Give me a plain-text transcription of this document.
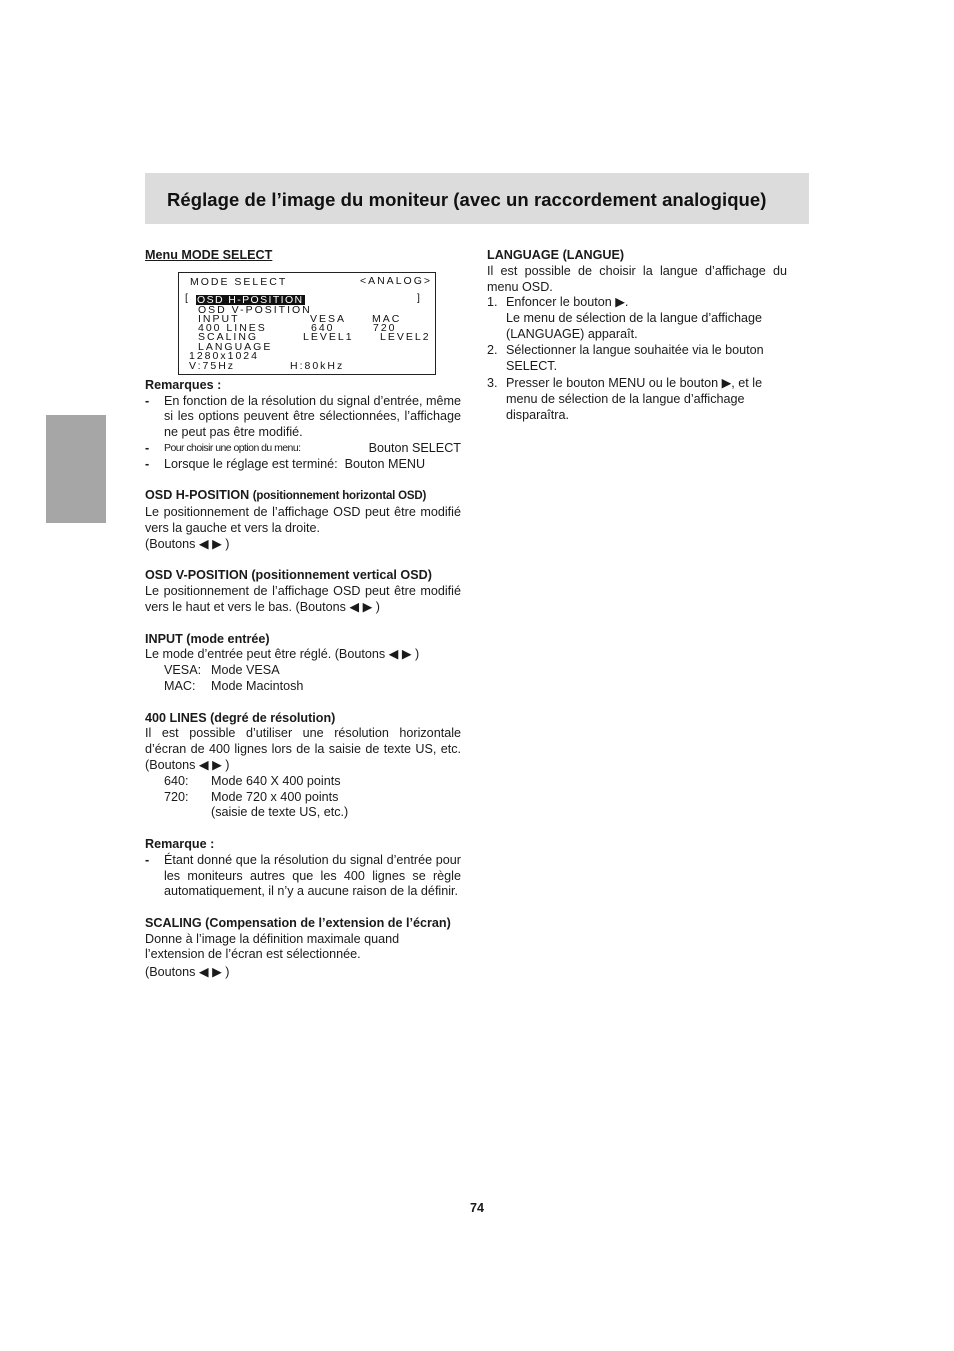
Réglage de l’image du moniteur (avec un raccordement analogique)

Menu MODE SELECT

MODE SELECT	<ANALOG>
[	]
OSD H-POSITION
OSD V-POSITION
INPUT	VESA MAC
400 LINES	640	720
SCALING	LEVEL1	LEVEL2
LANGUAGE
1280x1024
V:75Hz	H:80kHz

Remarques :

-	En fonction de la résolution du signal d’entrée, même si les options peuvent être sélectionnées, l’affichage ne peut pas être modifié.
-	Pour choisir une option du menu:	Bouton SELECT
-	Lorsque le réglage est terminé: Bouton MENU

OSD H-POSITION (positionnement horizontal OSD)

Le positionnement de l’affichage OSD peut être modifié vers la gauche et vers la droite.

(Boutons ◀ ▶ )

OSD V-POSITION (positionnement vertical OSD)

Le positionnement de l’affichage OSD peut être modifié vers le haut et vers le bas. (Boutons ◀ ▶ )

INPUT (mode entrée)

Le mode d’entrée peut être réglé. (Boutons ◀ ▶ )

VESA: Mode VESA
MAC:	Mode Macintosh

400 LINES (degré de résolution)

Il est possible d’utiliser une résolution horizontale d’écran de 400 lignes lors de la saisie de texte US, etc. (Boutons ◀ ▶ )

640:	Mode 640 X 400 points
720:	Mode 720 x 400 points
(saisie de texte US, etc.)

Remarque :

-	Étant donné que la résolution du signal d’entrée pour les moniteurs autres que les 400 lignes se règle automatiquement, il n’y a aucune raison de la définir.

SCALING (Compensation de l’extension de l’écran)

Donne à l’image la définition maximale quand l’extension de l’écran est sélectionnée.

(Boutons ◀ ▶ )

LANGUAGE (LANGUE)

Il est possible de choisir la langue d’affichage du menu OSD.

1. Enfoncer le bouton ▶.
Le menu de sélection de la langue d’affichage (LANGUAGE) apparaît.
2. Sélectionner la langue souhaitée via le bouton SELECT.
3. Presser le bouton MENU ou le bouton ▶, et le menu de sélection de la langue d’affichage disparaîtra.
74
